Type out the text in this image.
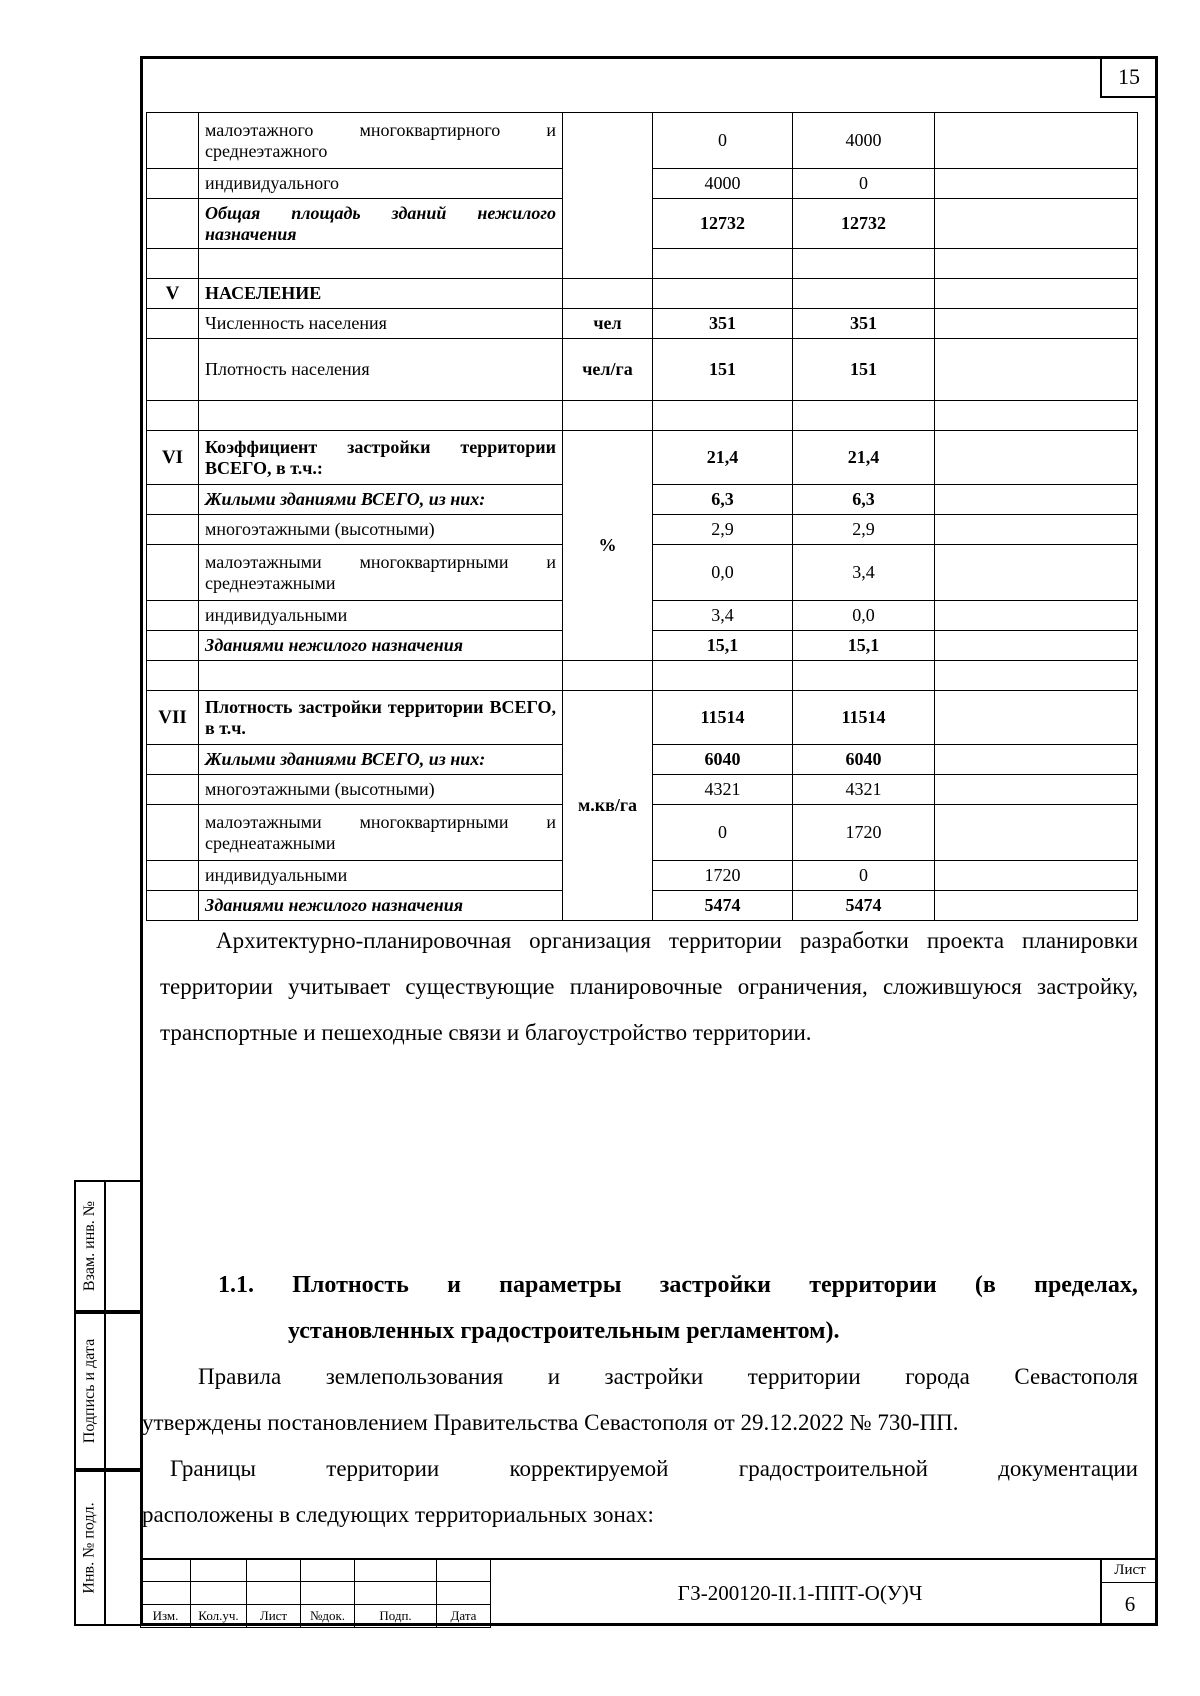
15
	малоэтажного многоквартирного и среднеэтажного		0	4000	
	индивидуального		4000	0	
	Общая площадь зданий нежилого назначения		12732	12732	

V	НАСЕЛЕНИЕ				
	Численность населения	чел	351	351	
	Плотность населения	чел/га	151	151	

VI	Коэффициент застройки территории ВСЕГО, в т.ч.:	%	21,4	21,4	
	Жилыми зданиями ВСЕГО, из них:		6,3	6,3	
	многоэтажными (высотными)		2,9	2,9	
	малоэтажными многоквартирными и среднеэтажными		0,0	3,4	
	индивидуальными		3,4	0,0	
	Зданиями нежилого назначения		15,1	15,1	

VII	Плотность застройки территории ВСЕГО, в т.ч.	м.кв/га	11514	11514	
	Жилыми зданиями ВСЕГО, из них:		6040	6040	
	многоэтажными (высотными)		4321	4321	
	малоэтажными многоквартирными и среднеатажными		0	1720	
	индивидуальными		1720	0	
	Зданиями нежилого назначения		5474	5474	

Архитектурно-планировочная организация территории разработки проекта планировки территории учитывает существующие планировочные ограничения, сложившуюся застройку, транспортные и пешеходные связи и благоустройство территории.

1.1. Плотность и параметры застройки территории (в пределах,
установленных градостроительным регламентом).

Правила землепользования и застройки территории города Севастополя

утверждены постановлением Правительства Севастополя от 29.12.2022 № 730-ПП.

Границы территории корректируемой градостроительной документации

расположены в следующих территориальных зонах:

Взам. инв. №
Подпись и дата
Инв. № подл.

Изм.	Кол.уч.	Лист	№док.	Подп.	Дата
ГЗ-200120-II.1-ППТ-О(У)Ч
Лист
6
